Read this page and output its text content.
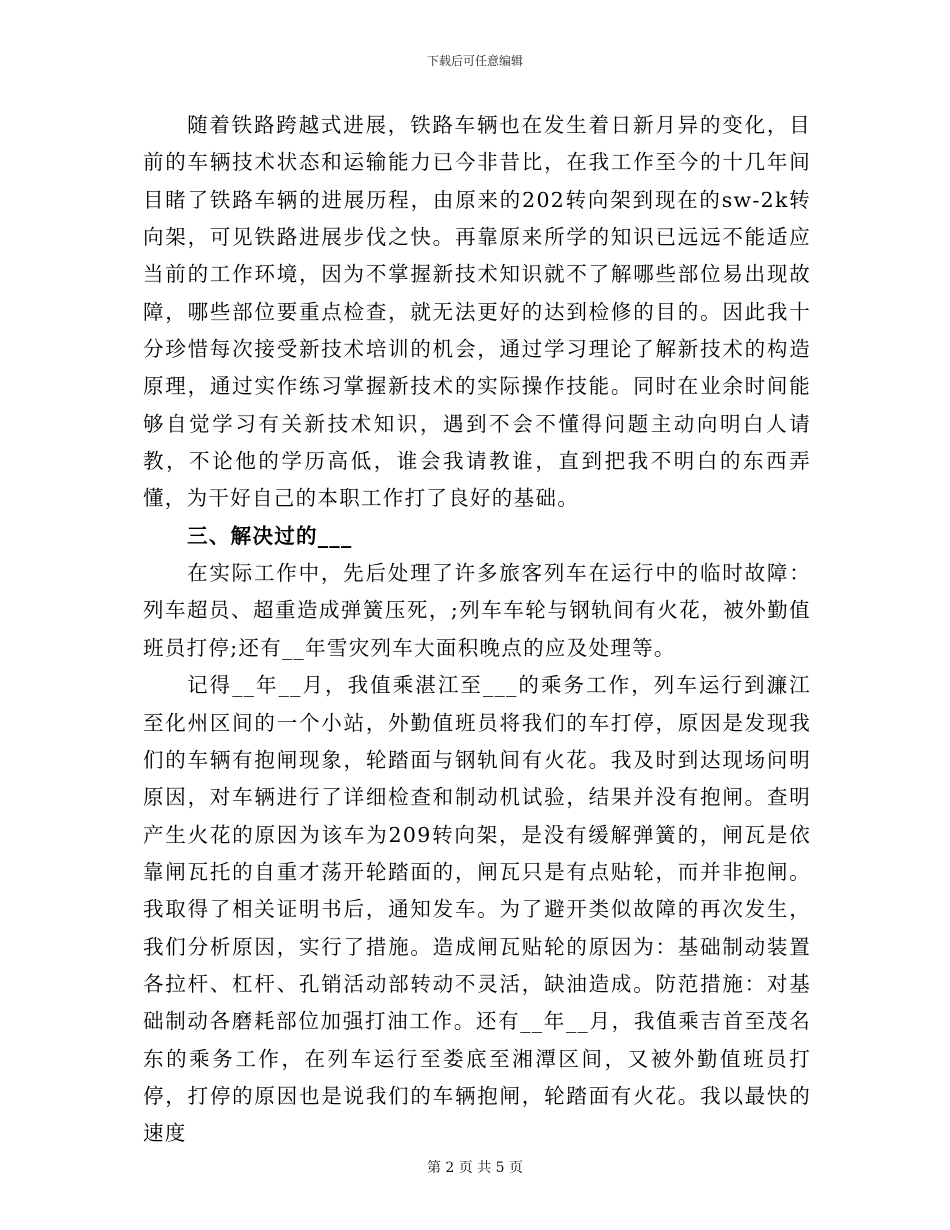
下载后可任意编辑

随着铁路跨越式进展，铁路车辆也在发生着日新月异的变化，目前的车辆技术状态和运输能力已今非昔比，在我工作至今的十几年间目睹了铁路车辆的进展历程，由原来的202转向架到现在的sw-2k转向架，可见铁路进展步伐之快。再靠原来所学的知识已远远不能适应当前的工作环境，因为不掌握新技术知识就不了解哪些部位易出现故障，哪些部位要重点检查，就无法更好的达到检修的目的。因此我十分珍惜每次接受新技术培训的机会，通过学习理论了解新技术的构造原理，通过实作练习掌握新技术的实际操作技能。同时在业余时间能够自觉学习有关新技术知识，遇到不会不懂得问题主动向明白人请教，不论他的学历高低，谁会我请教谁，直到把我不明白的东西弄懂，为干好自己的本职工作打了良好的基础。

三、解决过的___

在实际工作中，先后处理了许多旅客列车在运行中的临时故障：列车超员、超重造成弹簧压死，;列车车轮与钢轨间有火花，被外勤值班员打停;还有__年雪灾列车大面积晚点的应及处理等。

记得__年__月，我值乘湛江至___的乘务工作，列车运行到濂江至化州区间的一个小站，外勤值班员将我们的车打停，原因是发现我们的车辆有抱闸现象，轮踏面与钢轨间有火花。我及时到达现场问明原因，对车辆进行了详细检查和制动机试验，结果并没有抱闸。查明产生火花的原因为该车为209转向架，是没有缓解弹簧的，闸瓦是依靠闸瓦托的自重才荡开轮踏面的，闸瓦只是有点贴轮，而并非抱闸。我取得了相关证明书后，通知发车。为了避开类似故障的再次发生，我们分析原因，实行了措施。造成闸瓦贴轮的原因为：基础制动装置各拉杆、杠杆、孔销活动部转动不灵活，缺油造成。防范措施：对基础制动各磨耗部位加强打油工作。还有__年__月，我值乘吉首至茂名东的乘务工作，在列车运行至娄底至湘潭区间，又被外勤值班员打停，打停的原因也是说我们的车辆抱闸，轮踏面有火花。我以最快的速度

第 2 页 共 5 页
